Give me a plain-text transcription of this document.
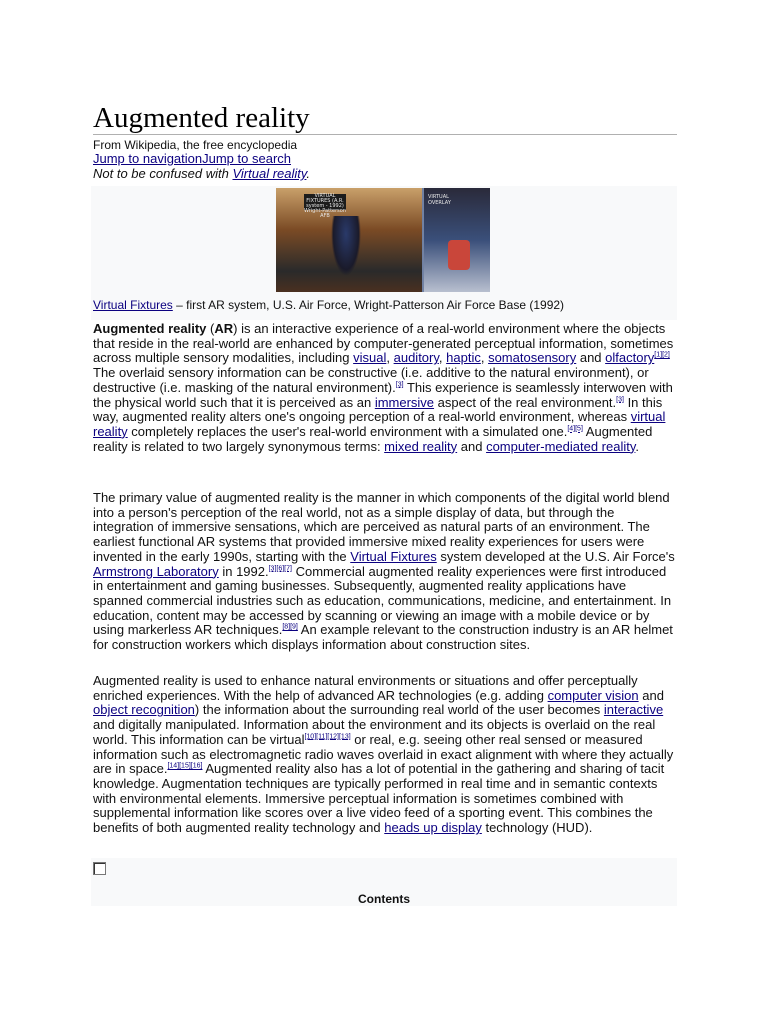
Augmented reality
From Wikipedia, the free encyclopedia
Jump to navigationJump to search
Not to be confused with Virtual reality.
VIRTUAL FIXTURES (A.R. system - 1992) Wright-Patterson AFB
VIRTUAL OVERLAY
Virtual Fixtures – first AR system, U.S. Air Force, Wright-Patterson Air Force Base (1992)

Augmented reality (AR) is an interactive experience of a real-world environment where the objects that reside in the real-world are enhanced by computer-generated perceptual information, sometimes across multiple sensory modalities, including visual, auditory, haptic, somatosensory and olfactory[1][2] The overlaid sensory information can be constructive (i.e. additive to the natural environment), or destructive (i.e. masking of the natural environment).[3] This experience is seamlessly interwoven with the physical world such that it is perceived as an immersive aspect of the real environment.[3] In this way, augmented reality alters one's ongoing perception of a real-world environment, whereas virtual reality completely replaces the user's real-world environment with a simulated one.[4][5] Augmented reality is related to two largely synonymous terms: mixed reality and computer-mediated reality.

The primary value of augmented reality is the manner in which components of the digital world blend into a person's perception of the real world, not as a simple display of data, but through the integration of immersive sensations, which are perceived as natural parts of an environment. The earliest functional AR systems that provided immersive mixed reality experiences for users were invented in the early 1990s, starting with the Virtual Fixtures system developed at the U.S. Air Force's Armstrong Laboratory in 1992.[3][6][7] Commercial augmented reality experiences were first introduced in entertainment and gaming businesses. Subsequently, augmented reality applications have spanned commercial industries such as education, communications, medicine, and entertainment. In education, content may be accessed by scanning or viewing an image with a mobile device or by using markerless AR techniques.[8][9] An example relevant to the construction industry is an AR helmet for construction workers which displays information about construction sites.

Augmented reality is used to enhance natural environments or situations and offer perceptually enriched experiences. With the help of advanced AR technologies (e.g. adding computer vision and object recognition) the information about the surrounding real world of the user becomes interactive and digitally manipulated. Information about the environment and its objects is overlaid on the real world. This information can be virtual[10][11][12][13] or real, e.g. seeing other real sensed or measured information such as electromagnetic radio waves overlaid in exact alignment with where they actually are in space.[14][15][16] Augmented reality also has a lot of potential in the gathering and sharing of tacit knowledge. Augmentation techniques are typically performed in real time and in semantic contexts with environmental elements. Immersive perceptual information is sometimes combined with supplemental information like scores over a live video feed of a sporting event. This combines the benefits of both augmented reality technology and heads up display technology (HUD).

Contents
